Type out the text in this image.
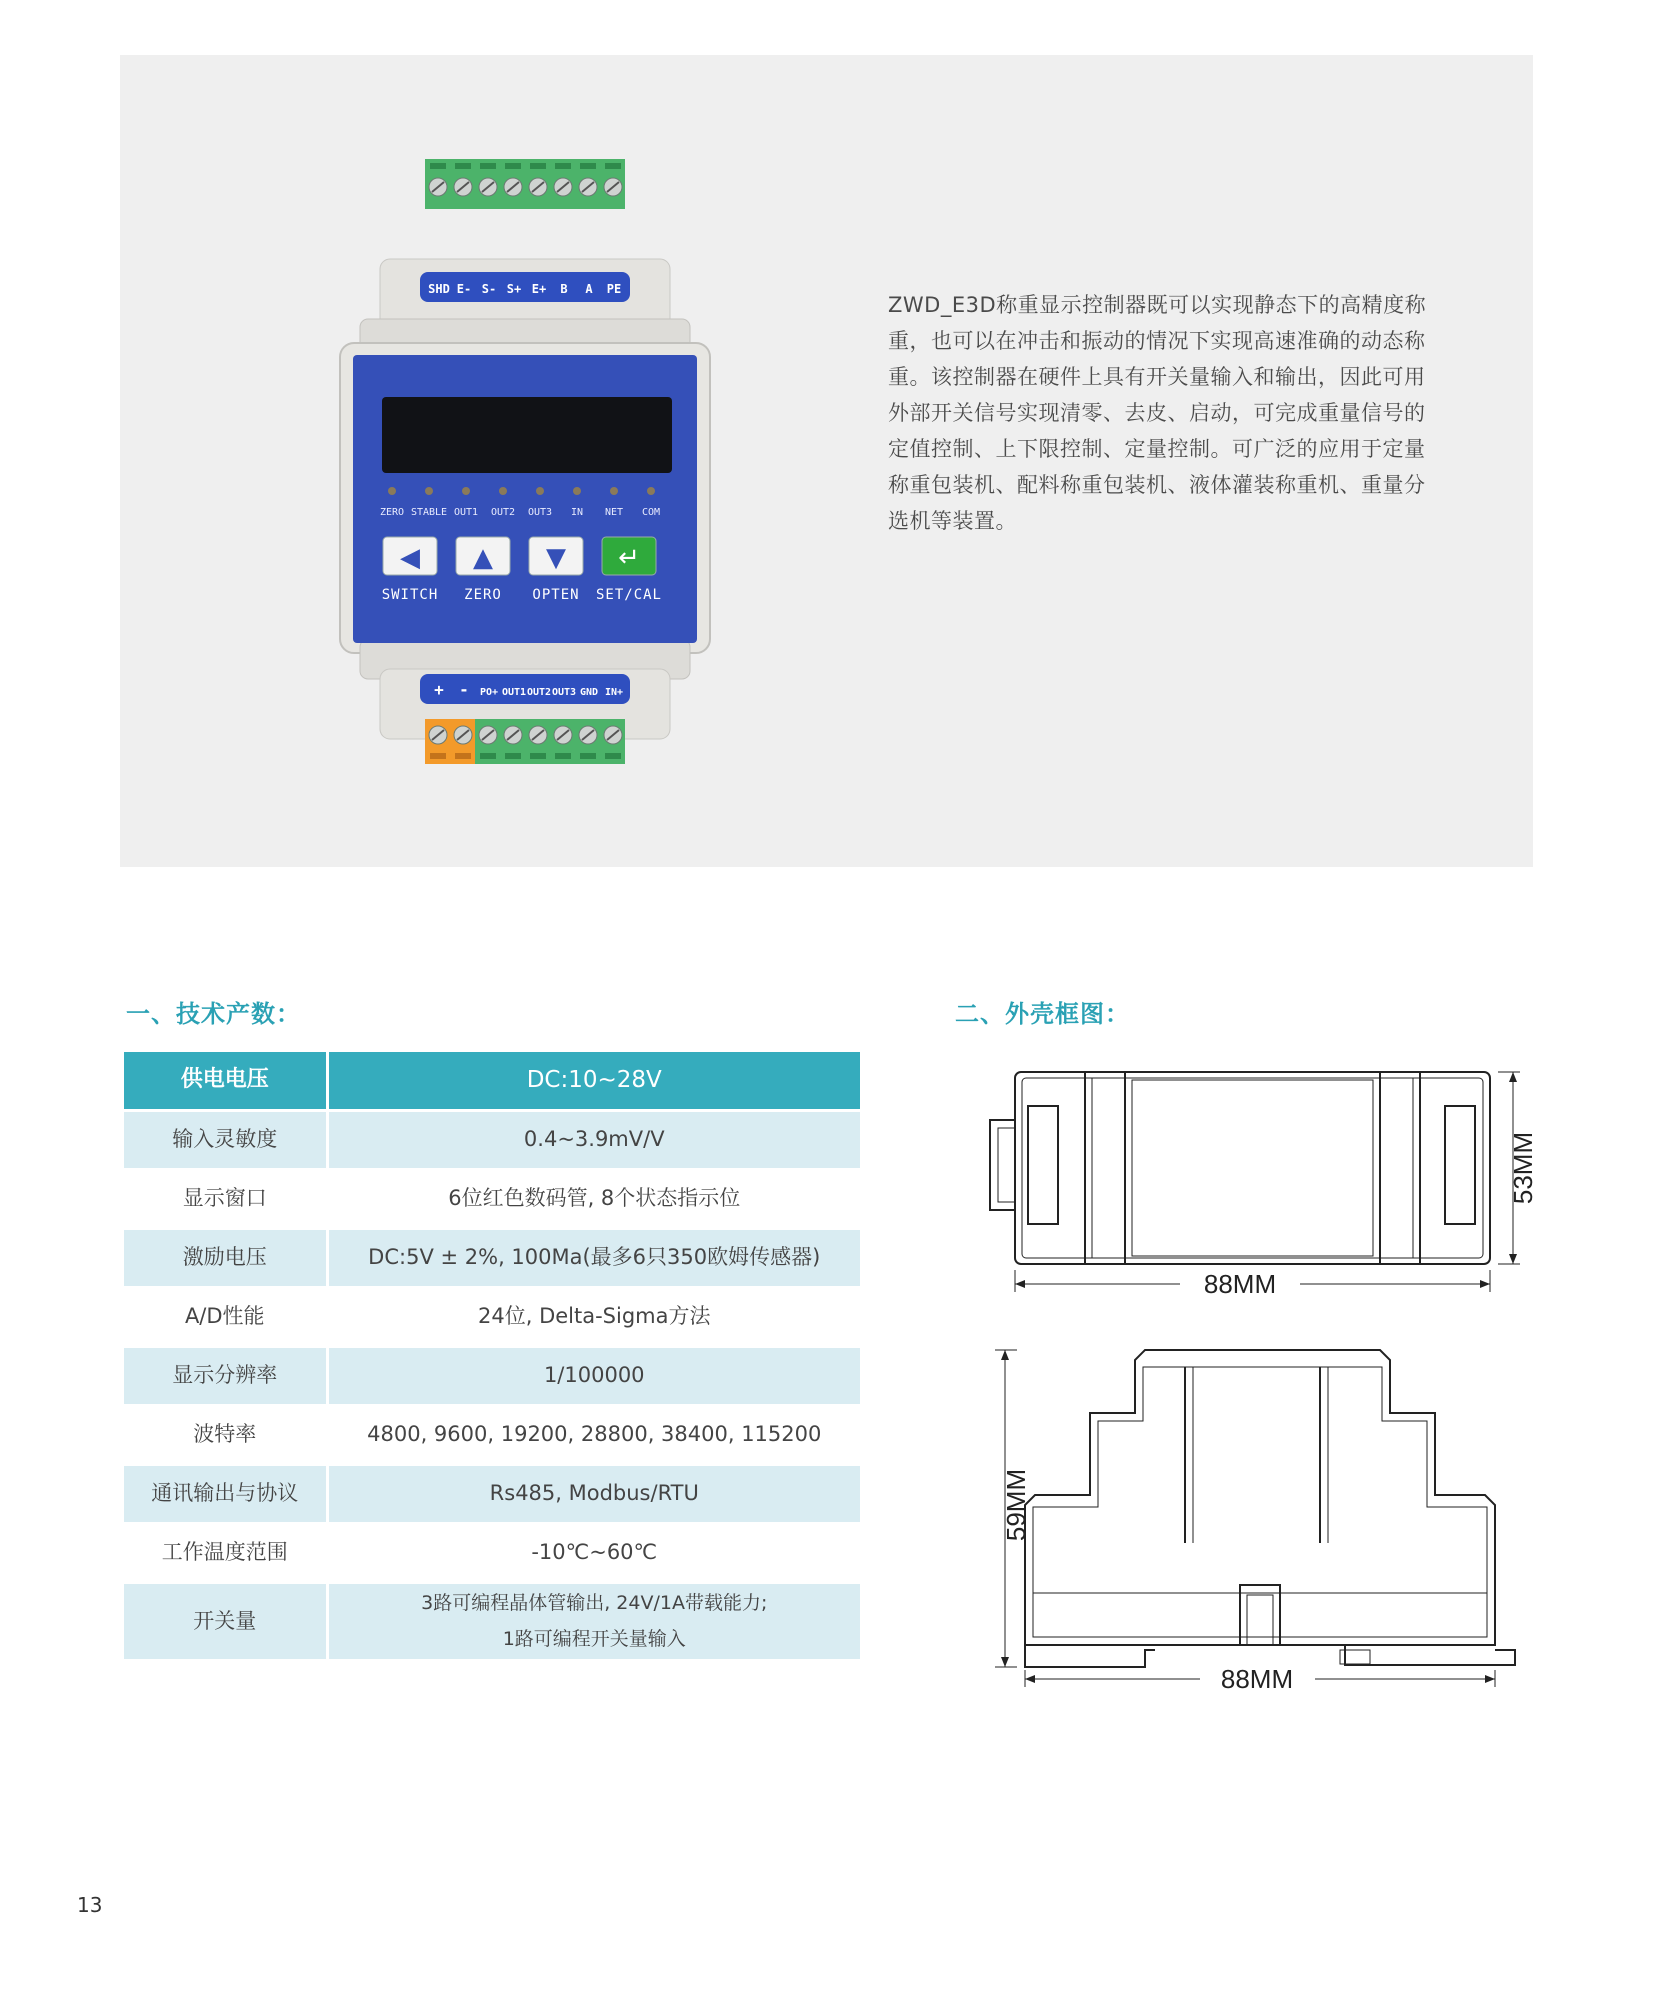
SHD E- S- S+ E+ B A PE
ZERO STABLE OUT1 OUT2 OUT3 IN NET COM
◀
SWITCH
▲
ZERO
▼
OPTEN
↵
SET/CAL
+ - PO+ OUT1 OUT2 OUT3 GND IN+
ZWD_E3D称重显示控制器既可以实现静态下的高精度称重，也可以在冲击和振动的情况下实现高速准确的动态称重。该控制器在硬件上具有开关量输入和输出，因此可用外部开关信号实现清零、去皮、启动，可完成重量信号的定值控制、上下限控制、定量控制。可广泛的应用于定量称重包装机、配料称重包装机、液体灌装称重机、重量分选机等装置。
一、技术产数：
供电电压	DC:10~28V
输入灵敏度	0.4~3.9mV/V
显示窗口	6位红色数码管, 8个状态指示位
激励电压	DC:5V ± 2%, 100Ma(最多6只350欧姆传感器)
A/D性能	24位, Delta-Sigma方法
显示分辨率	1/100000
波特率	4800, 9600, 19200, 28800, 38400, 115200
通讯输出与协议	Rs485, Modbus/RTU
工作温度范围	-10℃~60℃
开关量	3路可编程晶体管输出, 24V/1A带载能力;
1路可编程开关量输入
二、外壳框图：
88MM
53MM
59MM
88MM
13
